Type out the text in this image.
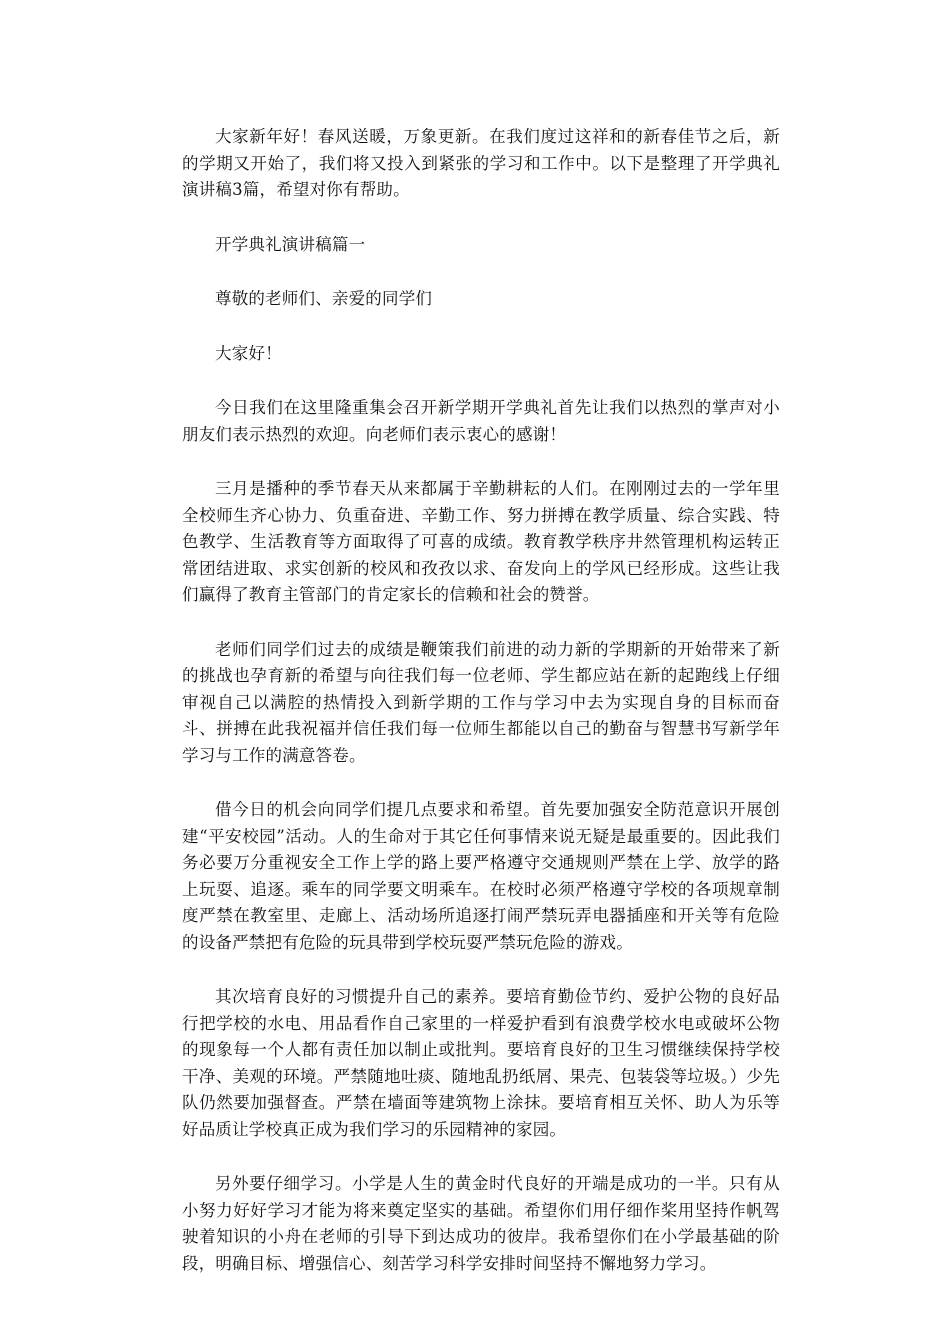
大家新年好！春风送暖，万象更新。在我们度过这祥和的新春佳节之后，新的学期又开始了，我们将又投入到紧张的学习和工作中。以下是整理了开学典礼演讲稿3篇，希望对你有帮助。

开学典礼演讲稿篇一

尊敬的老师们、亲爱的同学们

大家好！

今日我们在这里隆重集会召开新学期开学典礼首先让我们以热烈的掌声对小朋友们表示热烈的欢迎。向老师们表示衷心的感谢！

三月是播种的季节春天从来都属于辛勤耕耘的人们。在刚刚过去的一学年里全校师生齐心协力、负重奋进、辛勤工作、努力拼搏在教学质量、综合实践、特色教学、生活教育等方面取得了可喜的成绩。教育教学秩序井然管理机构运转正常团结进取、求实创新的校风和孜孜以求、奋发向上的学风已经形成。这些让我们赢得了教育主管部门的肯定家长的信赖和社会的赞誉。

老师们同学们过去的成绩是鞭策我们前进的动力新的学期新的开始带来了新的挑战也孕育新的希望与向往我们每一位老师、学生都应站在新的起跑线上仔细审视自己以满腔的热情投入到新学期的工作与学习中去为实现自身的目标而奋斗、拼搏在此我祝福并信任我们每一位师生都能以自己的勤奋与智慧书写新学年学习与工作的满意答卷。

借今日的机会向同学们提几点要求和希望。首先要加强安全防范意识开展创建“平安校园”活动。人的生命对于其它任何事情来说无疑是最重要的。因此我们务必要万分重视安全工作上学的路上要严格遵守交通规则严禁在上学、放学的路上玩耍、追逐。乘车的同学要文明乘车。在校时必须严格遵守学校的各项规章制度严禁在教室里、走廊上、活动场所追逐打闹严禁玩弄电器插座和开关等有危险的设备严禁把有危险的玩具带到学校玩耍严禁玩危险的游戏。

其次培育良好的习惯提升自己的素养。要培育勤俭节约、爱护公物的良好品行把学校的水电、用品看作自己家里的一样爱护看到有浪费学校水电或破坏公物的现象每一个人都有责任加以制止或批判。要培育良好的卫生习惯继续保持学校干净、美观的环境。严禁随地吐痰、随地乱扔纸屑、果壳、包装袋等垃圾。）少先队仍然要加强督查。严禁在墙面等建筑物上涂抹。要培育相互关怀、助人为乐等好品质让学校真正成为我们学习的乐园精神的家园。

另外要仔细学习。小学是人生的黄金时代良好的开端是成功的一半。只有从小努力好好学习才能为将来奠定坚实的基础。希望你们用仔细作桨用坚持作帆驾驶着知识的小舟在老师的引导下到达成功的彼岸。我希望你们在小学最基础的阶段，明确目标、增强信心、刻苦学习科学安排时间坚持不懈地努力学习。
